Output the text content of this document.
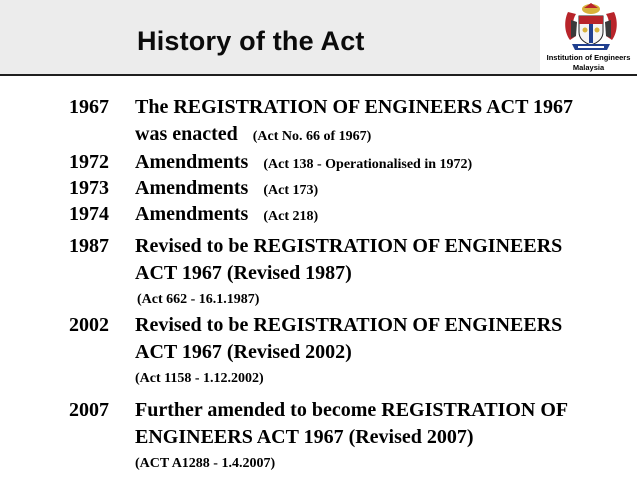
History of the Act
Institution of Engineers
Malaysia
1967 The REGISTRATION OF ENGINEERS ACT 1967
was enacted (Act No. 66 of 1967)
1972 Amendments (Act 138 - Operationalised in 1972)
1973 Amendments (Act 173)
1974 Amendments (Act 218)
1987 Revised to be REGISTRATION OF ENGINEERS
ACT 1967 (Revised 1987)
(Act 662 - 16.1.1987)
2002 Revised to be REGISTRATION OF ENGINEERS
ACT 1967 (Revised 2002)
(Act 1158 - 1.12.2002)
2007 Further amended to become REGISTRATION OF
ENGINEERS ACT 1967 (Revised 2007)
(ACT A1288 - 1.4.2007)
